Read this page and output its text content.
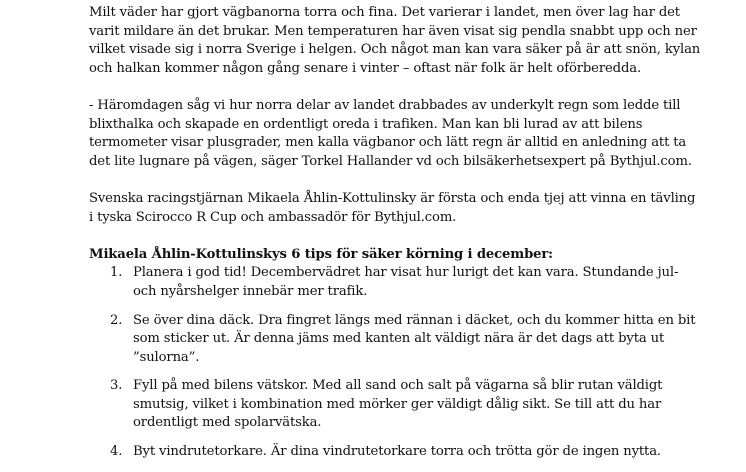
Milt väder har gjort vägbanorna torra och fina. Det varierar i landet, men över lag har det
varit mildare än det brukar. Men temperaturen har även visat sig pendla snabbt upp och ner
vilket visade sig i norra Sverige i helgen. Och något man kan vara säker på är att snön, kylan
och halkan kommer någon gång senare i vinter – oftast när folk är helt oförberedda.

- Häromdagen såg vi hur norra delar av landet drabbades av underkylt regn som ledde till
blixthalka och skapade en ordentligt oreda i trafiken. Man kan bli lurad av att bilens
termometer visar plusgrader, men kalla vägbanor och lätt regn är alltid en anledning att ta
det lite lugnare på vägen, säger Torkel Hallander vd och bilsäkerhetsexpert på Bythjul.com.

Svenska racingstjärnan Mikaela Åhlin-Kottulinsky är första och enda tjej att vinna en tävling
i tyska Scirocco R Cup och ambassadör för Bythjul.com.

Mikaela Åhlin-Kottulinskys 6 tips för säker körning i december:

1. Planera i god tid! Decembervädret har visat hur lurigt det kan vara. Stundande jul-
och nyårshelger innebär mer trafik.
2. Se över dina däck. Dra fingret längs med rännan i däcket, och du kommer hitta en bit
som sticker ut. Är denna jäms med kanten alt väldigt nära är det dags att byta ut
”sulorna”.
3. Fyll på med bilens vätskor. Med all sand och salt på vägarna så blir rutan väldigt
smutsig, vilket i kombination med mörker ger väldigt dålig sikt. Se till att du har
ordentligt med spolarvätska.
4. Byt vindrutetorkare. Är dina vindrutetorkare torra och trötta gör de ingen nytta.
